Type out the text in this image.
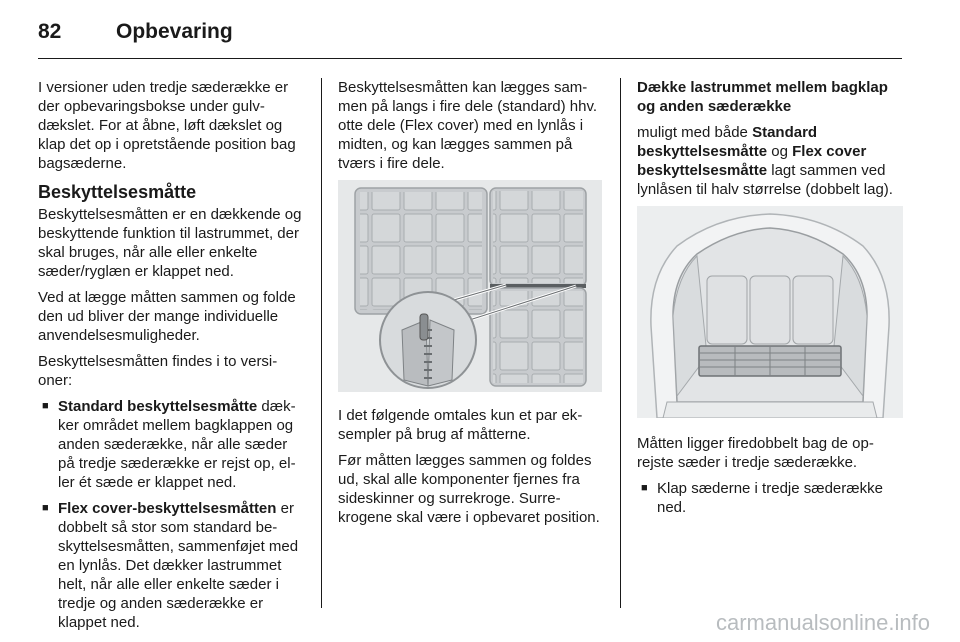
82	Opbevaring

I versioner uden tredje sæderække er der opbevaringsbokse under gulvdækslet. For at åbne, løft dækslet og klap det op i opretstående position bag bagsæderne.

Beskyttelsesmåtte

Beskyttelsesmåtten er en dækkende og beskyttende funktion til lastrummet, der skal bruges, når alle eller enkelte sæder/ryglæn er klappet ned.

Ved at lægge måtten sammen og folde den ud bliver der mange individuelle anvendelsesmuligheder.

Beskyttelsesmåtten findes i to versioner:

■ Standard beskyttelsesmåtte dækker området mellem bagklappen og anden sæderække, når alle sæder på tredje sæderække er rejst op, eller ét sæde er klappet ned.
■ Flex cover-beskyttelsesmåtten er dobbelt så stor som standard beskyttelsesmåtten, sammenføjet med en lynlås. Det dækker lastrummet helt, når alle eller enkelte sæder i tredje og anden sæderække er klappet ned.

Beskyttelsesmåtten kan lægges sammen på langs i fire dele (standard) hhv. otte dele (Flex cover) med en lynlås i midten, og kan lægges sammen på tværs i fire dele.

I det følgende omtales kun et par eksempler på brug af måtterne.

Før måtten lægges sammen og foldes ud, skal alle komponenter fjernes fra sideskinner og surrekroge. Surrekrogene skal være i opbevaret position.

Dække lastrummet mellem bagklap og anden sæderække

muligt med både Standard beskyttelsesmåtte og Flex cover beskyttelsesmåtte lagt sammen ved lynlåsen til halv størrelse (dobbelt lag).

Måtten ligger firedobbelt bag de oprejste sæder i tredje sæderække.

■ Klap sæderne i tredje sæderække ned.
carmanualsonline.info
